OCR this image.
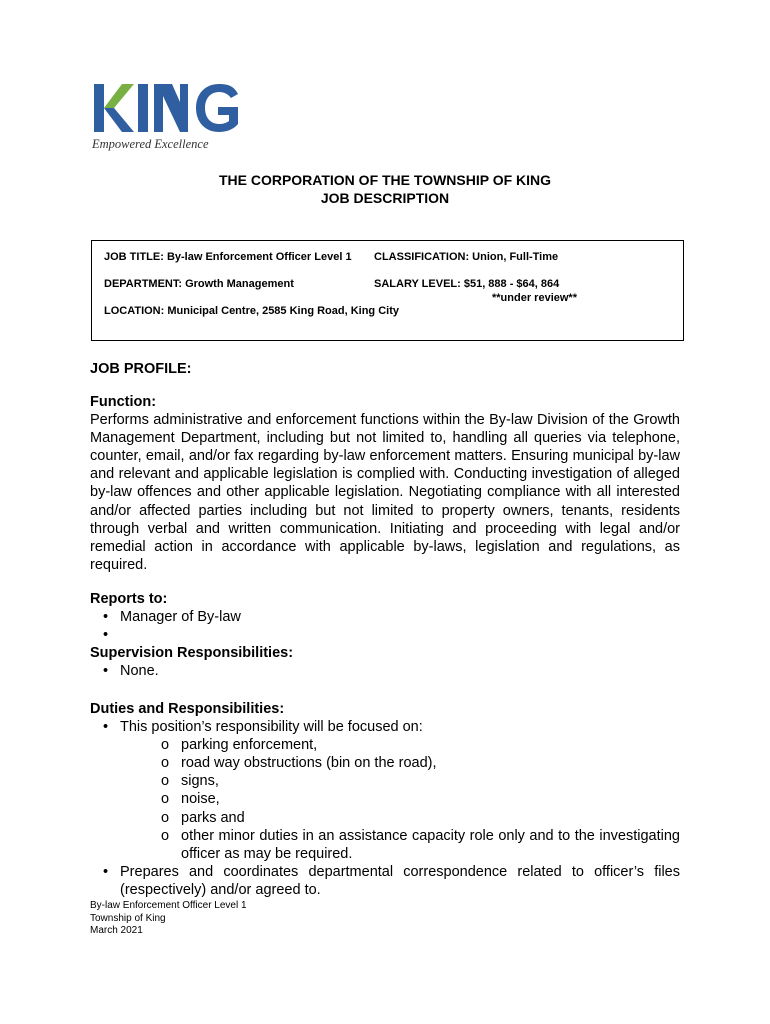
Empowered Excellence
THE CORPORATION OF THE TOWNSHIP OF KING
JOB DESCRIPTION
JOB TITLE: By-law Enforcement Officer Level 1 CLASSIFICATION: Union, Full-Time
DEPARTMENT: Growth Management	SALARY LEVEL: $51, 888 - $64, 864
**under review**
LOCATION: Municipal Centre, 2585 King Road, King City
JOB PROFILE:
Function:
Performs administrative and enforcement functions within the By-law Division of the Growth Management Department, including but not limited to, handling all queries via telephone, counter, email, and/or fax regarding by-law enforcement matters. Ensuring municipal by-law and relevant and applicable legislation is complied with. Conducting investigation of alleged by-law offences and other applicable legislation. Negotiating compliance with all interested and/or affected parties including but not limited to property owners, tenants, residents through verbal and written communication. Initiating and proceeding with legal and/or remedial action in accordance with applicable by-laws, legislation and regulations, as required.
Reports to:
• Manager of By-law
•
Supervision Responsibilities:
• None.
Duties and Responsibilities:
• This position’s responsibility will be focused on:
o parking enforcement,
o road way obstructions (bin on the road),
o signs,
o noise,
o parks and
o other minor duties in an assistance capacity role only and to the investigating officer as may be required.
• Prepares and coordinates departmental correspondence related to officer’s files (respectively) and/or agreed to.
By-law Enforcement Officer Level 1
Township of King
March 2021
